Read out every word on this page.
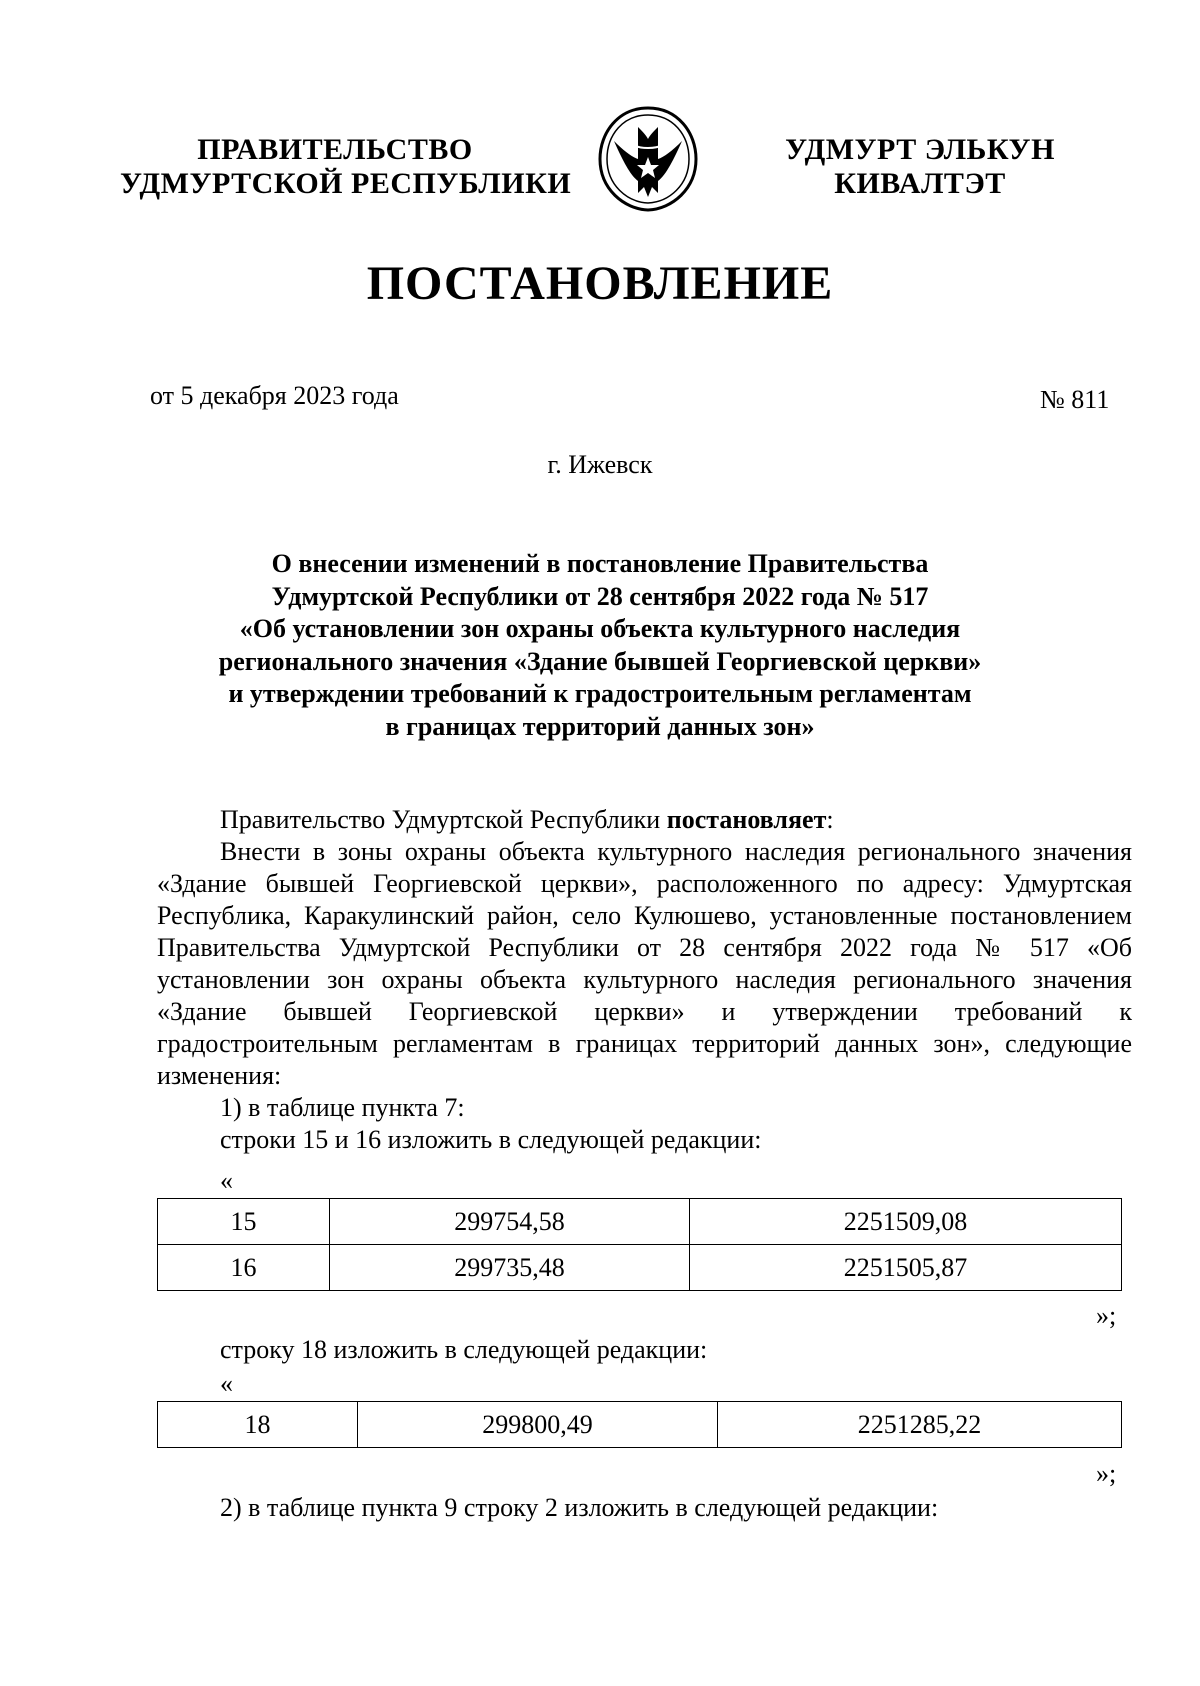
ПРАВИТЕЛЬСТВО
УДМУРТСКОЙ РЕСПУБЛИКИ
УДМУРТ ЭЛЬКУН
КИВАЛТЭТ
ПОСТАНОВЛЕНИЕ
от 5 декабря 2023 года	№ 811
г. Ижевск
О внесении изменений в постановление Правительства
Удмуртской Республики от 28 сентября 2022 года № 517
«Об установлении зон охраны объекта культурного наследия
регионального значения «Здание бывшей Георгиевской церкви»
и утверждении требований к градостроительным регламентам
в границах территорий данных зон»

Правительство Удмуртской Республики постановляет:

Внести в зоны охраны объекта культурного наследия регионального значения «Здание бывшей Георгиевской церкви», расположенного по адресу: Удмуртская Республика, Каракулинский район, село Кулюшево, установленные постановлением Правительства Удмуртской Республики от 28 сентября 2022 года № 517 «Об установлении зон охраны объекта культурного наследия регионального значения «Здание бывшей Георгиевской церкви» и утверждении требований к градостроительным регламентам в границах территорий данных зон», следующие изменения:

1) в таблице пункта 7:

строки 15 и 16 изложить в следующей редакции:

«
15	299754,58	2251509,08
16	299735,48	2251505,87
»;
строку 18 изложить в следующей редакции:
«
18	299800,49	2251285,22
»;
2) в таблице пункта 9 строку 2 изложить в следующей редакции:
